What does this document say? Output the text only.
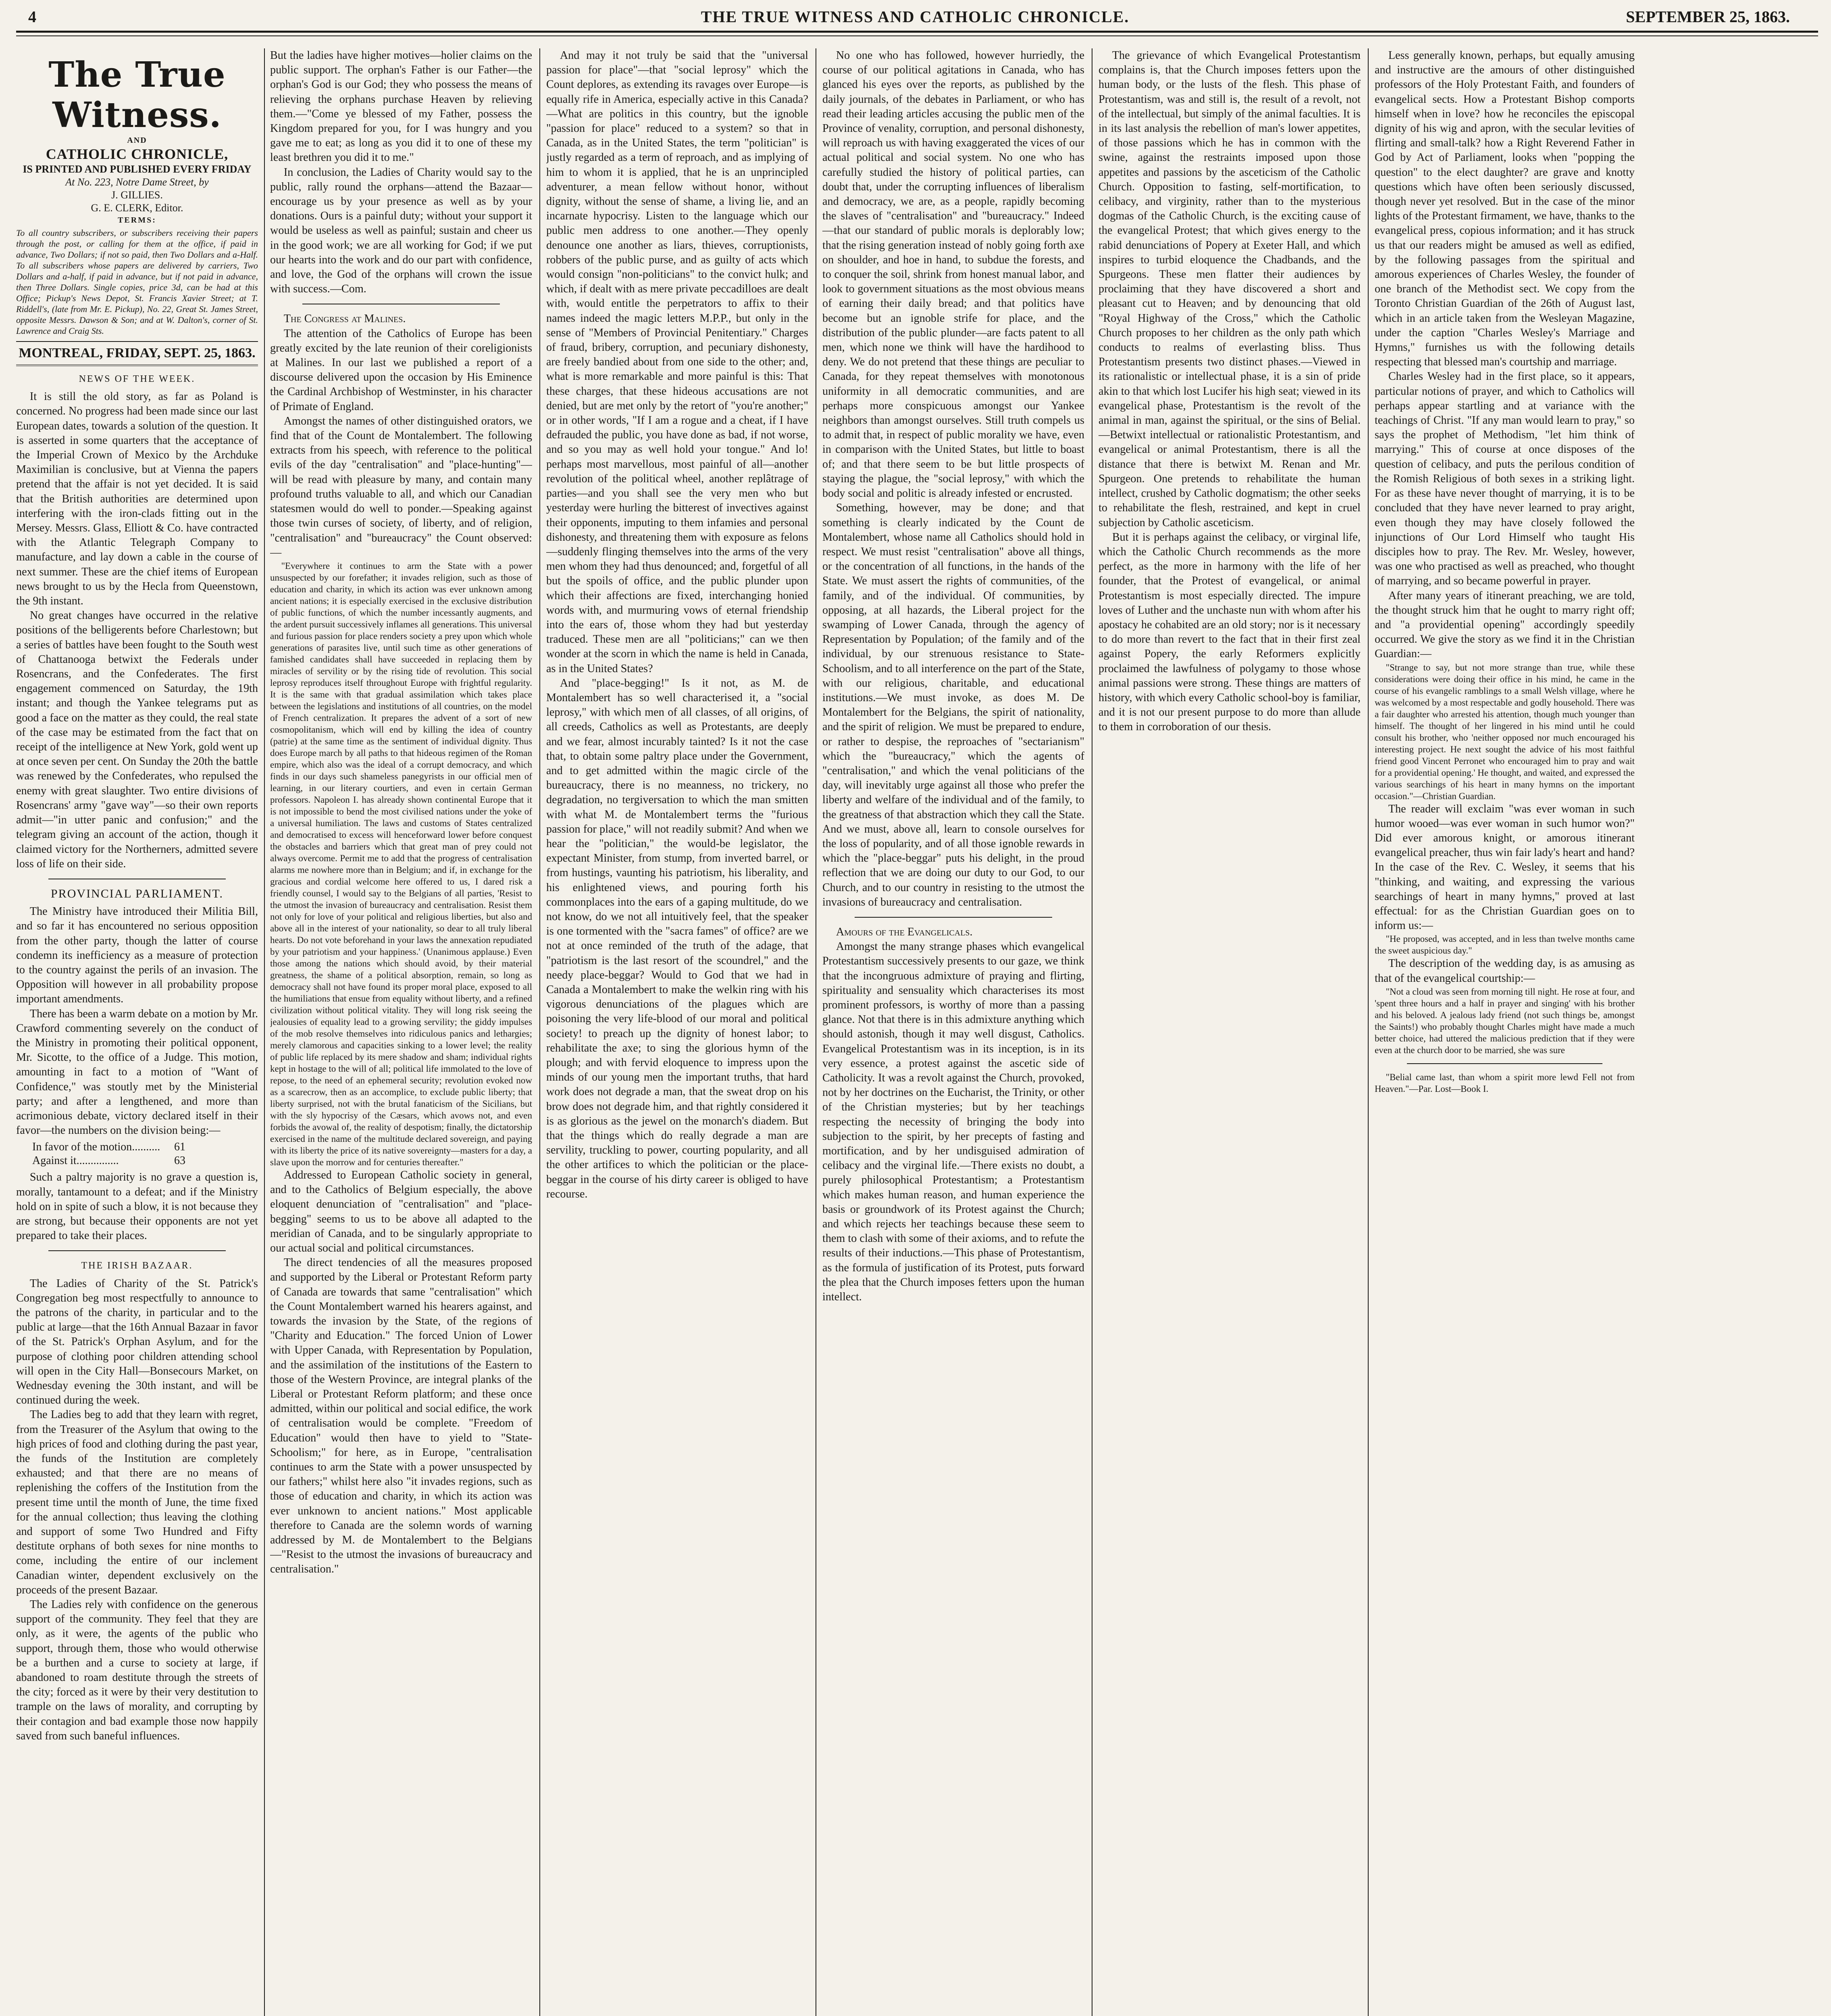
4	THE TRUE WITNESS AND CATHOLIC CHRONICLE.	SEPTEMBER 25, 1863.
The True Witness.
AND
CATHOLIC CHRONICLE,
IS PRINTED AND PUBLISHED EVERY FRIDAY
At No. 223, Notre Dame Street, by
J. GILLIES.
G. E. CLERK, Editor.
TERMS:
To all country subscribers, or subscribers receiving their papers through the post, or calling for them at the office, if paid in advance, Two Dollars; if not so paid, then Two Dollars and a-Half. To all subscribers whose papers are delivered by carriers, Two Dollars and a-half, if paid in advance, but if not paid in advance, then Three Dollars. Single copies, price 3d, can be had at this Office; Pickup's News Depot, St. Francis Xavier Street; at T. Riddell's, (late from Mr. E. Pickup), No. 22, Great St. James Street, opposite Messrs. Dawson & Son; and at W. Dalton's, corner of St. Lawrence and Craig Sts.
MONTREAL, FRIDAY, SEPT. 25, 1863.
NEWS OF THE WEEK.

It is still the old story, as far as Poland is concerned. No progress had been made since our last European dates, towards a solution of the question. It is asserted in some quarters that the acceptance of the Imperial Crown of Mexico by the Archduke Maximilian is conclusive, but at Vienna the papers pretend that the affair is not yet decided. It is said that the British authorities are determined upon interfering with the iron-clads fitting out in the Mersey. Messrs. Glass, Elliott & Co. have contracted with the Atlantic Telegraph Company to manufacture, and lay down a cable in the course of next summer. These are the chief items of European news brought to us by the Hecla from Queenstown, the 9th instant.

No great changes have occurred in the relative positions of the belligerents before Charlestown; but a series of battles have been fought to the South west of Chattanooga betwixt the Federals under Rosencrans, and the Confederates. The first engagement commenced on Saturday, the 19th instant; and though the Yankee telegrams put as good a face on the matter as they could, the real state of the case may be estimated from the fact that on receipt of the intelligence at New York, gold went up at once seven per cent. On Sunday the 20th the battle was renewed by the Confederates, who repulsed the enemy with great slaughter. Two entire divisions of Rosencrans' army "gave way"—so their own reports admit—"in utter panic and confusion;" and the telegram giving an account of the action, though it claimed victory for the Northerners, admitted severe loss of life on their side.

PROVINCIAL PARLIAMENT.

The Ministry have introduced their Militia Bill, and so far it has encountered no serious opposition from the other party, though the latter of course condemn its inefficiency as a measure of protection to the country against the perils of an invasion. The Opposition will however in all probability propose important amendments.

There has been a warm debate on a motion by Mr. Crawford commenting severely on the conduct of the Ministry in promoting their political opponent, Mr. Sicotte, to the office of a Judge. This motion, amounting in fact to a motion of "Want of Confidence," was stoutly met by the Ministerial party; and after a lengthened, and more than acrimonious debate, victory declared itself in their favor—the numbers on the division being:—

In favor of the motion.......... 61
Against it...............	63

Such a paltry majority is no grave a question is, morally, tantamount to a defeat; and if the Ministry hold on in spite of such a blow, it is not because they are strong, but because their opponents are not yet prepared to take their places.

THE IRISH BAZAAR.

The Ladies of Charity of the St. Patrick's Congregation beg most respectfully to announce to the patrons of the charity, in particular and to the public at large—that the 16th Annual Bazaar in favor of the St. Patrick's Orphan Asylum, and for the purpose of clothing poor children attending school will open in the City Hall—Bonsecours Market, on Wednesday evening the 30th instant, and will be continued during the week.

The Ladies beg to add that they learn with regret, from the Treasurer of the Asylum that owing to the high prices of food and clothing during the past year, the funds of the Institution are completely exhausted; and that there are no means of replenishing the coffers of the Institution from the present time until the month of June, the time fixed for the annual collection; thus leaving the clothing and support of some Two Hundred and Fifty destitute orphans of both sexes for nine months to come, including the entire of our inclement Canadian winter, dependent exclusively on the proceeds of the present Bazaar.

The Ladies rely with confidence on the generous support of the community. They feel that they are only, as it were, the agents of the public who support, through them, those who would otherwise be a burthen and a curse to society at large, if abandoned to roam destitute through the streets of the city; forced as it were by their very destitution to trample on the laws of morality, and corrupting by their contagion and bad example those now happily saved from such baneful influences.

But the ladies have higher motives—holier claims on the public support. The orphan's Father is our Father—the orphan's God is our God; they who possess the means of relieving the orphans purchase Heaven by relieving them.—"Come ye blessed of my Father, possess the Kingdom prepared for you, for I was hungry and you gave me to eat; as long as you did it to one of these my least brethren you did it to me."

In conclusion, the Ladies of Charity would say to the public, rally round the orphans—attend the Bazaar—encourage us by your presence as well as by your donations. Ours is a painful duty; without your support it would be useless as well as painful; sustain and cheer us in the good work; we are all working for God; if we put our hearts into the work and do our part with confidence, and love, the God of the orphans will crown the issue with success.—Com.

The Congress at Malines.

The attention of the Catholics of Europe has been greatly excited by the late reunion of their coreligionists at Malines. In our last we published a report of a discourse delivered upon the occasion by His Eminence the Cardinal Archbishop of Westminster, in his character of Primate of England.

Amongst the names of other distinguished orators, we find that of the Count de Montalembert. The following extracts from his speech, with reference to the political evils of the day "centralisation" and "place-hunting"—will be read with pleasure by many, and contain many profound truths valuable to all, and which our Canadian statesmen would do well to ponder.—Speaking against those twin curses of society, of liberty, and of religion, "centralisation" and "bureaucracy" the Count observed:—

"Everywhere it continues to arm the State with a power unsuspected by our forefather; it invades religion, such as those of education and charity, in which its action was ever unknown among ancient nations; it is especially exercised in the exclusive distribution of public functions, of which the number incessantly augments, and the ardent pursuit successively inflames all generations. This universal and furious passion for place renders society a prey upon which whole generations of parasites live, until such time as other generations of famished candidates shall have succeeded in replacing them by miracles of servility or by the rising tide of revolution. This social leprosy reproduces itself throughout Europe with frightful regularity. It is the same with that gradual assimilation which takes place between the legislations and institutions of all countries, on the model of French centralization. It prepares the advent of a sort of new cosmopolitanism, which will end by killing the idea of country (patrie) at the same time as the sentiment of individual dignity. Thus does Europe march by all paths to that hideous regimen of the Roman empire, which also was the ideal of a corrupt democracy, and which finds in our days such shameless panegyrists in our official men of learning, in our literary courtiers, and even in certain German professors. Napoleon I. has already shown continental Europe that it is not impossible to bend the most civilised nations under the yoke of a universal humiliation. The laws and customs of States centralized and democratised to excess will henceforward lower before conquest the obstacles and barriers which that great man of prey could not always overcome. Permit me to add that the progress of centralisation alarms me nowhere more than in Belgium; and if, in exchange for the gracious and cordial welcome here offered to us, I dared risk a friendly counsel, I would say to the Belgians of all parties, 'Resist to the utmost the invasion of bureaucracy and centralisation. Resist them not only for love of your political and religious liberties, but also and above all in the interest of your nationality, so dear to all truly liberal hearts. Do not vote beforehand in your laws the annexation repudiated by your patriotism and your happiness.' (Unanimous applause.) Even those among the nations which should avoid, by their material greatness, the shame of a political absorption, remain, so long as democracy shall not have found its proper moral place, exposed to all the humiliations that ensue from equality without liberty, and a refined civilization without political vitality. They will long risk seeing the jealousies of equality lead to a growing servility; the giddy impulses of the mob resolve themselves into ridiculous panics and lethargies; merely clamorous and capacities sinking to a lower level; the reality of public life replaced by its mere shadow and sham; individual rights kept in hostage to the will of all; political life immolated to the love of repose, to the need of an ephemeral security; revolution evoked now as a scarecrow, then as an accomplice, to exclude public liberty; that liberty surprised, not with the brutal fanaticism of the Sicilians, but with the sly hypocrisy of the Cæsars, which avows not, and even forbids the avowal of, the reality of despotism; finally, the dictatorship exercised in the name of the multitude declared sovereign, and paying with its liberty the price of its native sovereignty—masters for a day, a slave upon the morrow and for centuries thereafter."

Addressed to European Catholic society in general, and to the Catholics of Belgium especially, the above eloquent denunciation of "centralisation" and "place-begging" seems to us to be above all adapted to the meridian of Canada, and to be singularly appropriate to our actual social and political circumstances.

The direct tendencies of all the measures proposed and supported by the Liberal or Protestant Reform party of Canada are towards that same "centralisation" which the Count Montalembert warned his hearers against, and towards the invasion by the State, of the regions of "Charity and Education." The forced Union of Lower with Upper Canada, with Representation by Population, and the assimilation of the institutions of the Eastern to those of the Western Province, are integral planks of the Liberal or Protestant Reform platform; and these once admitted, within our political and social edifice, the work of centralisation would be complete. "Freedom of Education" would then have to yield to "State-Schoolism;" for here, as in Europe, "centralisation continues to arm the State with a power unsuspected by our fathers;" whilst here also "it invades regions, such as those of education and charity, in which its action was ever unknown to ancient nations." Most applicable therefore to Canada are the solemn words of warning addressed by M. de Montalembert to the Belgians—"Resist to the utmost the invasions of bureaucracy and centralisation."

And may it not truly be said that the "universal passion for place"—that "social leprosy" which the Count deplores, as extending its ravages over Europe—is equally rife in America, especially active in this Canada?—What are politics in this country, but the ignoble "passion for place" reduced to a system? so that in Canada, as in the United States, the term "politician" is justly regarded as a term of reproach, and as implying of him to whom it is applied, that he is an unprincipled adventurer, a mean fellow without honor, without dignity, without the sense of shame, a living lie, and an incarnate hypocrisy. Listen to the language which our public men address to one another.—They openly denounce one another as liars, thieves, corruptionists, robbers of the public purse, and as guilty of acts which would consign "non-politicians" to the convict hulk; and which, if dealt with as mere private peccadilloes are dealt with, would entitle the perpetrators to affix to their names indeed the magic letters M.P.P., but only in the sense of "Members of Provincial Penitentiary." Charges of fraud, bribery, corruption, and pecuniary dishonesty, are freely bandied about from one side to the other; and, what is more remarkable and more painful is this: That these charges, that these hideous accusations are not denied, but are met only by the retort of "you're another;" or in other words, "If I am a rogue and a cheat, if I have defrauded the public, you have done as bad, if not worse, and so you may as well hold your tongue." And lo! perhaps most marvellous, most painful of all—another revolution of the political wheel, another replâtrage of parties—and you shall see the very men who but yesterday were hurling the bitterest of invectives against their opponents, imputing to them infamies and personal dishonesty, and threatening them with exposure as felons—suddenly flinging themselves into the arms of the very men whom they had thus denounced; and, forgetful of all but the spoils of office, and the public plunder upon which their affections are fixed, interchanging honied words with, and murmuring vows of eternal friendship into the ears of, those whom they had but yesterday traduced. These men are all "politicians;" can we then wonder at the scorn in which the name is held in Canada, as in the United States?

And "place-begging!" Is it not, as M. de Montalembert has so well characterised it, a "social leprosy," with which men of all classes, of all origins, of all creeds, Catholics as well as Protestants, are deeply and we fear, almost incurably tainted? Is it not the case that, to obtain some paltry place under the Government, and to get admitted within the magic circle of the bureaucracy, there is no meanness, no trickery, no degradation, no tergiversation to which the man smitten with what M. de Montalembert terms the "furious passion for place," will not readily submit? And when we hear the "politician," the would-be legislator, the expectant Minister, from stump, from inverted barrel, or from hustings, vaunting his patriotism, his liberality, and his enlightened views, and pouring forth his commonplaces into the ears of a gaping multitude, do we not know, do we not all intuitively feel, that the speaker is one tormented with the "sacra fames" of office? are we not at once reminded of the truth of the adage, that "patriotism is the last resort of the scoundrel," and the needy place-beggar? Would to God that we had in Canada a Montalembert to make the welkin ring with his vigorous denunciations of the plagues which are poisoning the very life-blood of our moral and political society! to preach up the dignity of honest labor; to rehabilitate the axe; to sing the glorious hymn of the plough; and with fervid eloquence to impress upon the minds of our young men the important truths, that hard work does not degrade a man, that the sweat drop on his brow does not degrade him, and that rightly considered it is as glorious as the jewel on the monarch's diadem. But that the things which do really degrade a man are servility, truckling to power, courting popularity, and all the other artifices to which the politician or the place-beggar in the course of his dirty career is obliged to have recourse.

No one who has followed, however hurriedly, the course of our political agitations in Canada, who has glanced his eyes over the reports, as published by the daily journals, of the debates in Parliament, or who has read their leading articles accusing the public men of the Province of venality, corruption, and personal dishonesty, will reproach us with having exaggerated the vices of our actual political and social system. No one who has carefully studied the history of political parties, can doubt that, under the corrupting influences of liberalism and democracy, we are, as a people, rapidly becoming the slaves of "centralisation" and "bureaucracy." Indeed—that our standard of public morals is deplorably low; that the rising generation instead of nobly going forth axe on shoulder, and hoe in hand, to subdue the forests, and to conquer the soil, shrink from honest manual labor, and look to government situations as the most obvious means of earning their daily bread; and that politics have become but an ignoble strife for place, and the distribution of the public plunder—are facts patent to all men, which none we think will have the hardihood to deny. We do not pretend that these things are peculiar to Canada, for they repeat themselves with monotonous uniformity in all democratic communities, and are perhaps more conspicuous amongst our Yankee neighbors than amongst ourselves. Still truth compels us to admit that, in respect of public morality we have, even in comparison with the United States, but little to boast of; and that there seem to be but little prospects of staying the plague, the "social leprosy," with which the body social and politic is already infested or encrusted.

Something, however, may be done; and that something is clearly indicated by the Count de Montalembert, whose name all Catholics should hold in respect. We must resist "centralisation" above all things, or the concentration of all functions, in the hands of the State. We must assert the rights of communities, of the family, and of the individual. Of communities, by opposing, at all hazards, the Liberal project for the swamping of Lower Canada, through the agency of Representation by Population; of the family and of the individual, by our strenuous resistance to State-Schoolism, and to all interference on the part of the State, with our religious, charitable, and educational institutions.—We must invoke, as does M. De Montalembert for the Belgians, the spirit of nationality, and the spirit of religion. We must be prepared to endure, or rather to despise, the reproaches of "sectarianism" which the "bureaucracy," which the agents of "centralisation," and which the venal politicians of the day, will inevitably urge against all those who prefer the liberty and welfare of the individual and of the family, to the greatness of that abstraction which they call the State. And we must, above all, learn to console ourselves for the loss of popularity, and of all those ignoble rewards in which the "place-beggar" puts his delight, in the proud reflection that we are doing our duty to our God, to our Church, and to our country in resisting to the utmost the invasions of bureaucracy and centralisation.

Amours of the Evangelicals.

Amongst the many strange phases which evangelical Protestantism successively presents to our gaze, we think that the incongruous admixture of praying and flirting, spirituality and sensuality which characterises its most prominent professors, is worthy of more than a passing glance. Not that there is in this admixture anything which should astonish, though it may well disgust, Catholics. Evangelical Protestantism was in its inception, is in its very essence, a protest against the ascetic side of Catholicity. It was a revolt against the Church, provoked, not by her doctrines on the Eucharist, the Trinity, or other of the Christian mysteries; but by her teachings respecting the necessity of bringing the body into subjection to the spirit, by her precepts of fasting and mortification, and by her undisguised admiration of celibacy and the virginal life.—There exists no doubt, a purely philosophical Protestantism; a Protestantism which makes human reason, and human experience the basis or groundwork of its Protest against the Church; and which rejects her teachings because these seem to them to clash with some of their axioms, and to refute the results of their inductions.—This phase of Protestantism, as the formula of justification of its Protest, puts forward the plea that the Church imposes fetters upon the human intellect.

The grievance of which Evangelical Protestantism complains is, that the Church imposes fetters upon the human body, or the lusts of the flesh. This phase of Protestantism, was and still is, the result of a revolt, not of the intellectual, but simply of the animal faculties. It is in its last analysis the rebellion of man's lower appetites, of those passions which he has in common with the swine, against the restraints imposed upon those appetites and passions by the asceticism of the Catholic Church. Opposition to fasting, self-mortification, to celibacy, and virginity, rather than to the mysterious dogmas of the Catholic Church, is the exciting cause of the evangelical Protest; that which gives energy to the rabid denunciations of Popery at Exeter Hall, and which inspires to turbid eloquence the Chadbands, and the Spurgeons. These men flatter their audiences by proclaiming that they have discovered a short and pleasant cut to Heaven; and by denouncing that old "Royal Highway of the Cross," which the Catholic Church proposes to her children as the only path which conducts to realms of everlasting bliss. Thus Protestantism presents two distinct phases.—Viewed in its rationalistic or intellectual phase, it is a sin of pride akin to that which lost Lucifer his high seat; viewed in its evangelical phase, Protestantism is the revolt of the animal in man, against the spiritual, or the sins of Belial.—Betwixt intellectual or rationalistic Protestantism, and evangelical or animal Protestantism, there is all the distance that there is betwixt M. Renan and Mr. Spurgeon. One pretends to rehabilitate the human intellect, crushed by Catholic dogmatism; the other seeks to rehabilitate the flesh, restrained, and kept in cruel subjection by Catholic asceticism.

But it is perhaps against the celibacy, or virginal life, which the Catholic Church recommends as the more perfect, as the more in harmony with the life of her founder, that the Protest of evangelical, or animal Protestantism is most especially directed. The impure loves of Luther and the unchaste nun with whom after his apostacy he cohabited are an old story; nor is it necessary to do more than revert to the fact that in their first zeal against Popery, the early Reformers explicitly proclaimed the lawfulness of polygamy to those whose animal passions were strong. These things are matters of history, with which every Catholic school-boy is familiar, and it is not our present purpose to do more than allude to them in corroboration of our thesis.

Less generally known, perhaps, but equally amusing and instructive are the amours of other distinguished professors of the Holy Protestant Faith, and founders of evangelical sects. How a Protestant Bishop comports himself when in love? how he reconciles the episcopal dignity of his wig and apron, with the secular levities of flirting and small-talk? how a Right Reverend Father in God by Act of Parliament, looks when "popping the question" to the elect daughter? are grave and knotty questions which have often been seriously discussed, though never yet resolved. But in the case of the minor lights of the Protestant firmament, we have, thanks to the evangelical press, copious information; and it has struck us that our readers might be amused as well as edified, by the following passages from the spiritual and amorous experiences of Charles Wesley, the founder of one branch of the Methodist sect. We copy from the Toronto Christian Guardian of the 26th of August last, which in an article taken from the Wesleyan Magazine, under the caption "Charles Wesley's Marriage and Hymns," furnishes us with the following details respecting that blessed man's courtship and marriage.

Charles Wesley had in the first place, so it appears, particular notions of prayer, and which to Catholics will perhaps appear startling and at variance with the teachings of Christ. "If any man would learn to pray," so says the prophet of Methodism, "let him think of marrying." This of course at once disposes of the question of celibacy, and puts the perilous condition of the Romish Religious of both sexes in a striking light. For as these have never thought of marrying, it is to be concluded that they have never learned to pray aright, even though they may have closely followed the injunctions of Our Lord Himself who taught His disciples how to pray. The Rev. Mr. Wesley, however, was one who practised as well as preached, who thought of marrying, and so became powerful in prayer.

After many years of itinerant preaching, we are told, the thought struck him that he ought to marry right off; and "a providential opening" accordingly speedily occurred. We give the story as we find it in the Christian Guardian:—

"Strange to say, but not more strange than true, while these considerations were doing their office in his mind, he came in the course of his evangelic ramblings to a small Welsh village, where he was welcomed by a most respectable and godly household. There was a fair daughter who arrested his attention, though much younger than himself. The thought of her lingered in his mind until he could consult his brother, who 'neither opposed nor much encouraged his interesting project. He next sought the advice of his most faithful friend good Vincent Perronet who encouraged him to pray and wait for a providential opening.' He thought, and waited, and expressed the various searchings of his heart in many hymns on the important occasion."—Christian Guardian.

The reader will exclaim "was ever woman in such humor wooed—was ever woman in such humor won?" Did ever amorous knight, or amorous itinerant evangelical preacher, thus win fair lady's heart and hand? In the case of the Rev. C. Wesley, it seems that his "thinking, and waiting, and expressing the various searchings of heart in many hymns," proved at last effectual: for as the Christian Guardian goes on to inform us:—

"He proposed, was accepted, and in less than twelve months came the sweet auspicious day."

The description of the wedding day, is as amusing as that of the evangelical courtship:—

"Not a cloud was seen from morning till night. He rose at four, and 'spent three hours and a half in prayer and singing' with his brother and his beloved. A jealous lady friend (not such things be, amongst the Saints!) who probably thought Charles might have made a much better choice, had uttered the malicious prediction that if they were even at the church door to be married, she was sure

"Belial came last, than whom a spirit more lewd Fell not from Heaven."—Par. Lost—Book I.
